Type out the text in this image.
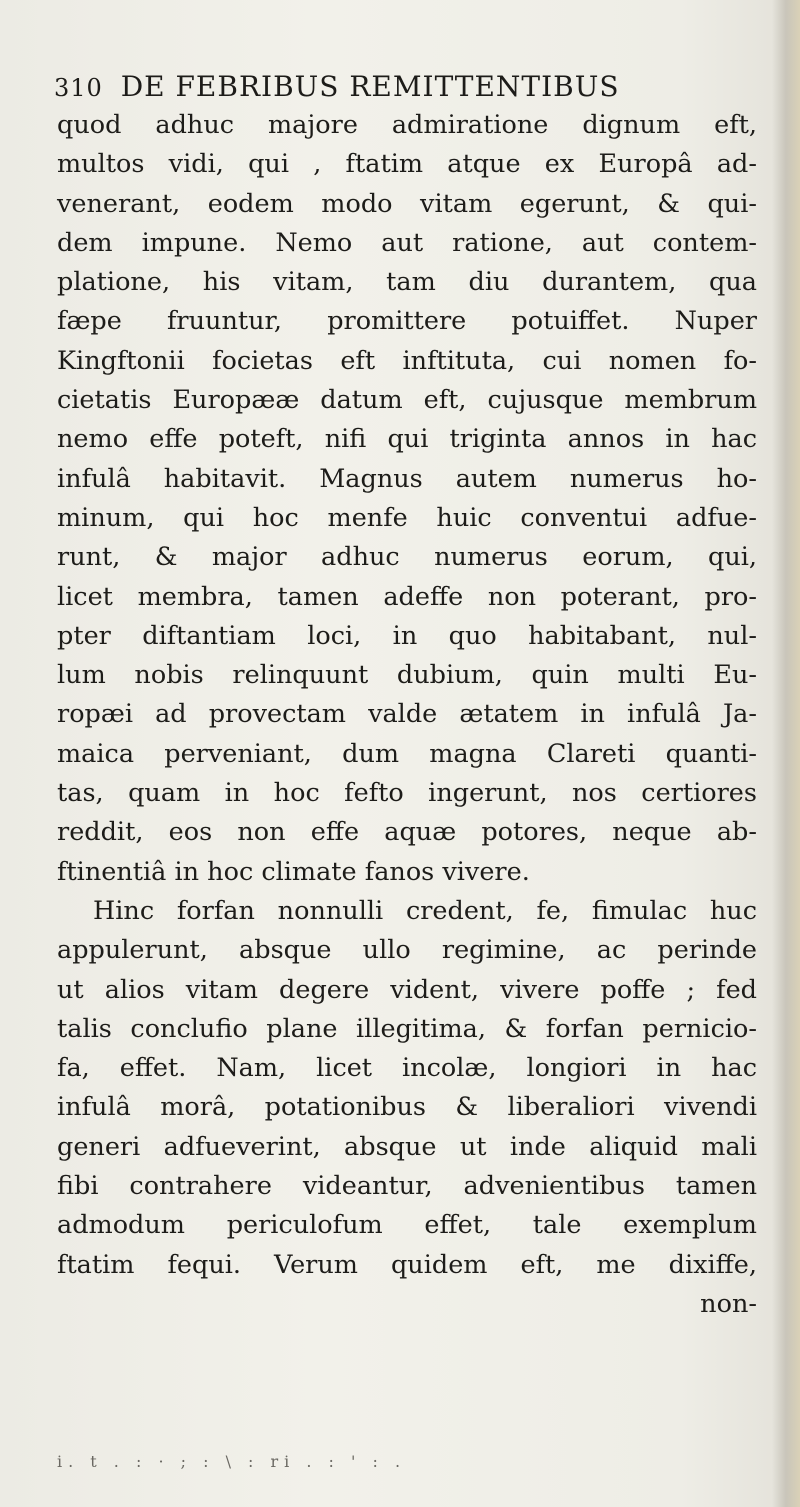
310 DE FEBRIBUS REMITTENTIBUS
quod adhuc majore admiratione dignum eft,
multos vidi, qui , ftatim atque ex Europâ ad-
venerant, eodem modo vitam egerunt, & qui-
dem impune. Nemo aut ratione, aut contem-
platione, his vitam, tam diu durantem, qua
fæpe fruuntur, promittere potuiffet. Nuper
Kingftonii focietas eft inftituta, cui nomen fo-
cietatis Europææ datum eft, cujusque membrum
nemo effe poteft, nifi qui triginta annos in hac
infulâ habitavit. Magnus autem numerus ho-
minum, qui hoc menfe huic conventui adfue-
runt, & major adhuc numerus eorum, qui,
licet membra, tamen adeffe non poterant, pro-
pter diftantiam loci, in quo habitabant, nul-
lum nobis relinquunt dubium, quin multi Eu-
ropæi ad provectam valde ætatem in infulâ Ja-
maica perveniant, dum magna Clareti quanti-
tas, quam in hoc fefto ingerunt, nos certiores
reddit, eos non effe aquæ potores, neque ab-
ftinentiâ in hoc climate fanos vivere.
Hinc forfan nonnulli credent, fe, fimulac huc
appulerunt, absque ullo regimine, ac perinde
ut alios vitam degere vident, vivere poffe ; fed
talis conclufio plane illegitima, & forfan pernicio-
fa, effet. Nam, licet incolæ, longiori in hac
infulâ morâ, potationibus & liberaliori vivendi
generi adfueverint, absque ut inde aliquid mali
fibi contrahere videantur, advenientibus tamen
admodum periculofum effet, tale exemplum
ftatim fequi. Verum quidem eft, me dixiffe,
non-
i. t . : · ; : \ : ri . : ' : .
